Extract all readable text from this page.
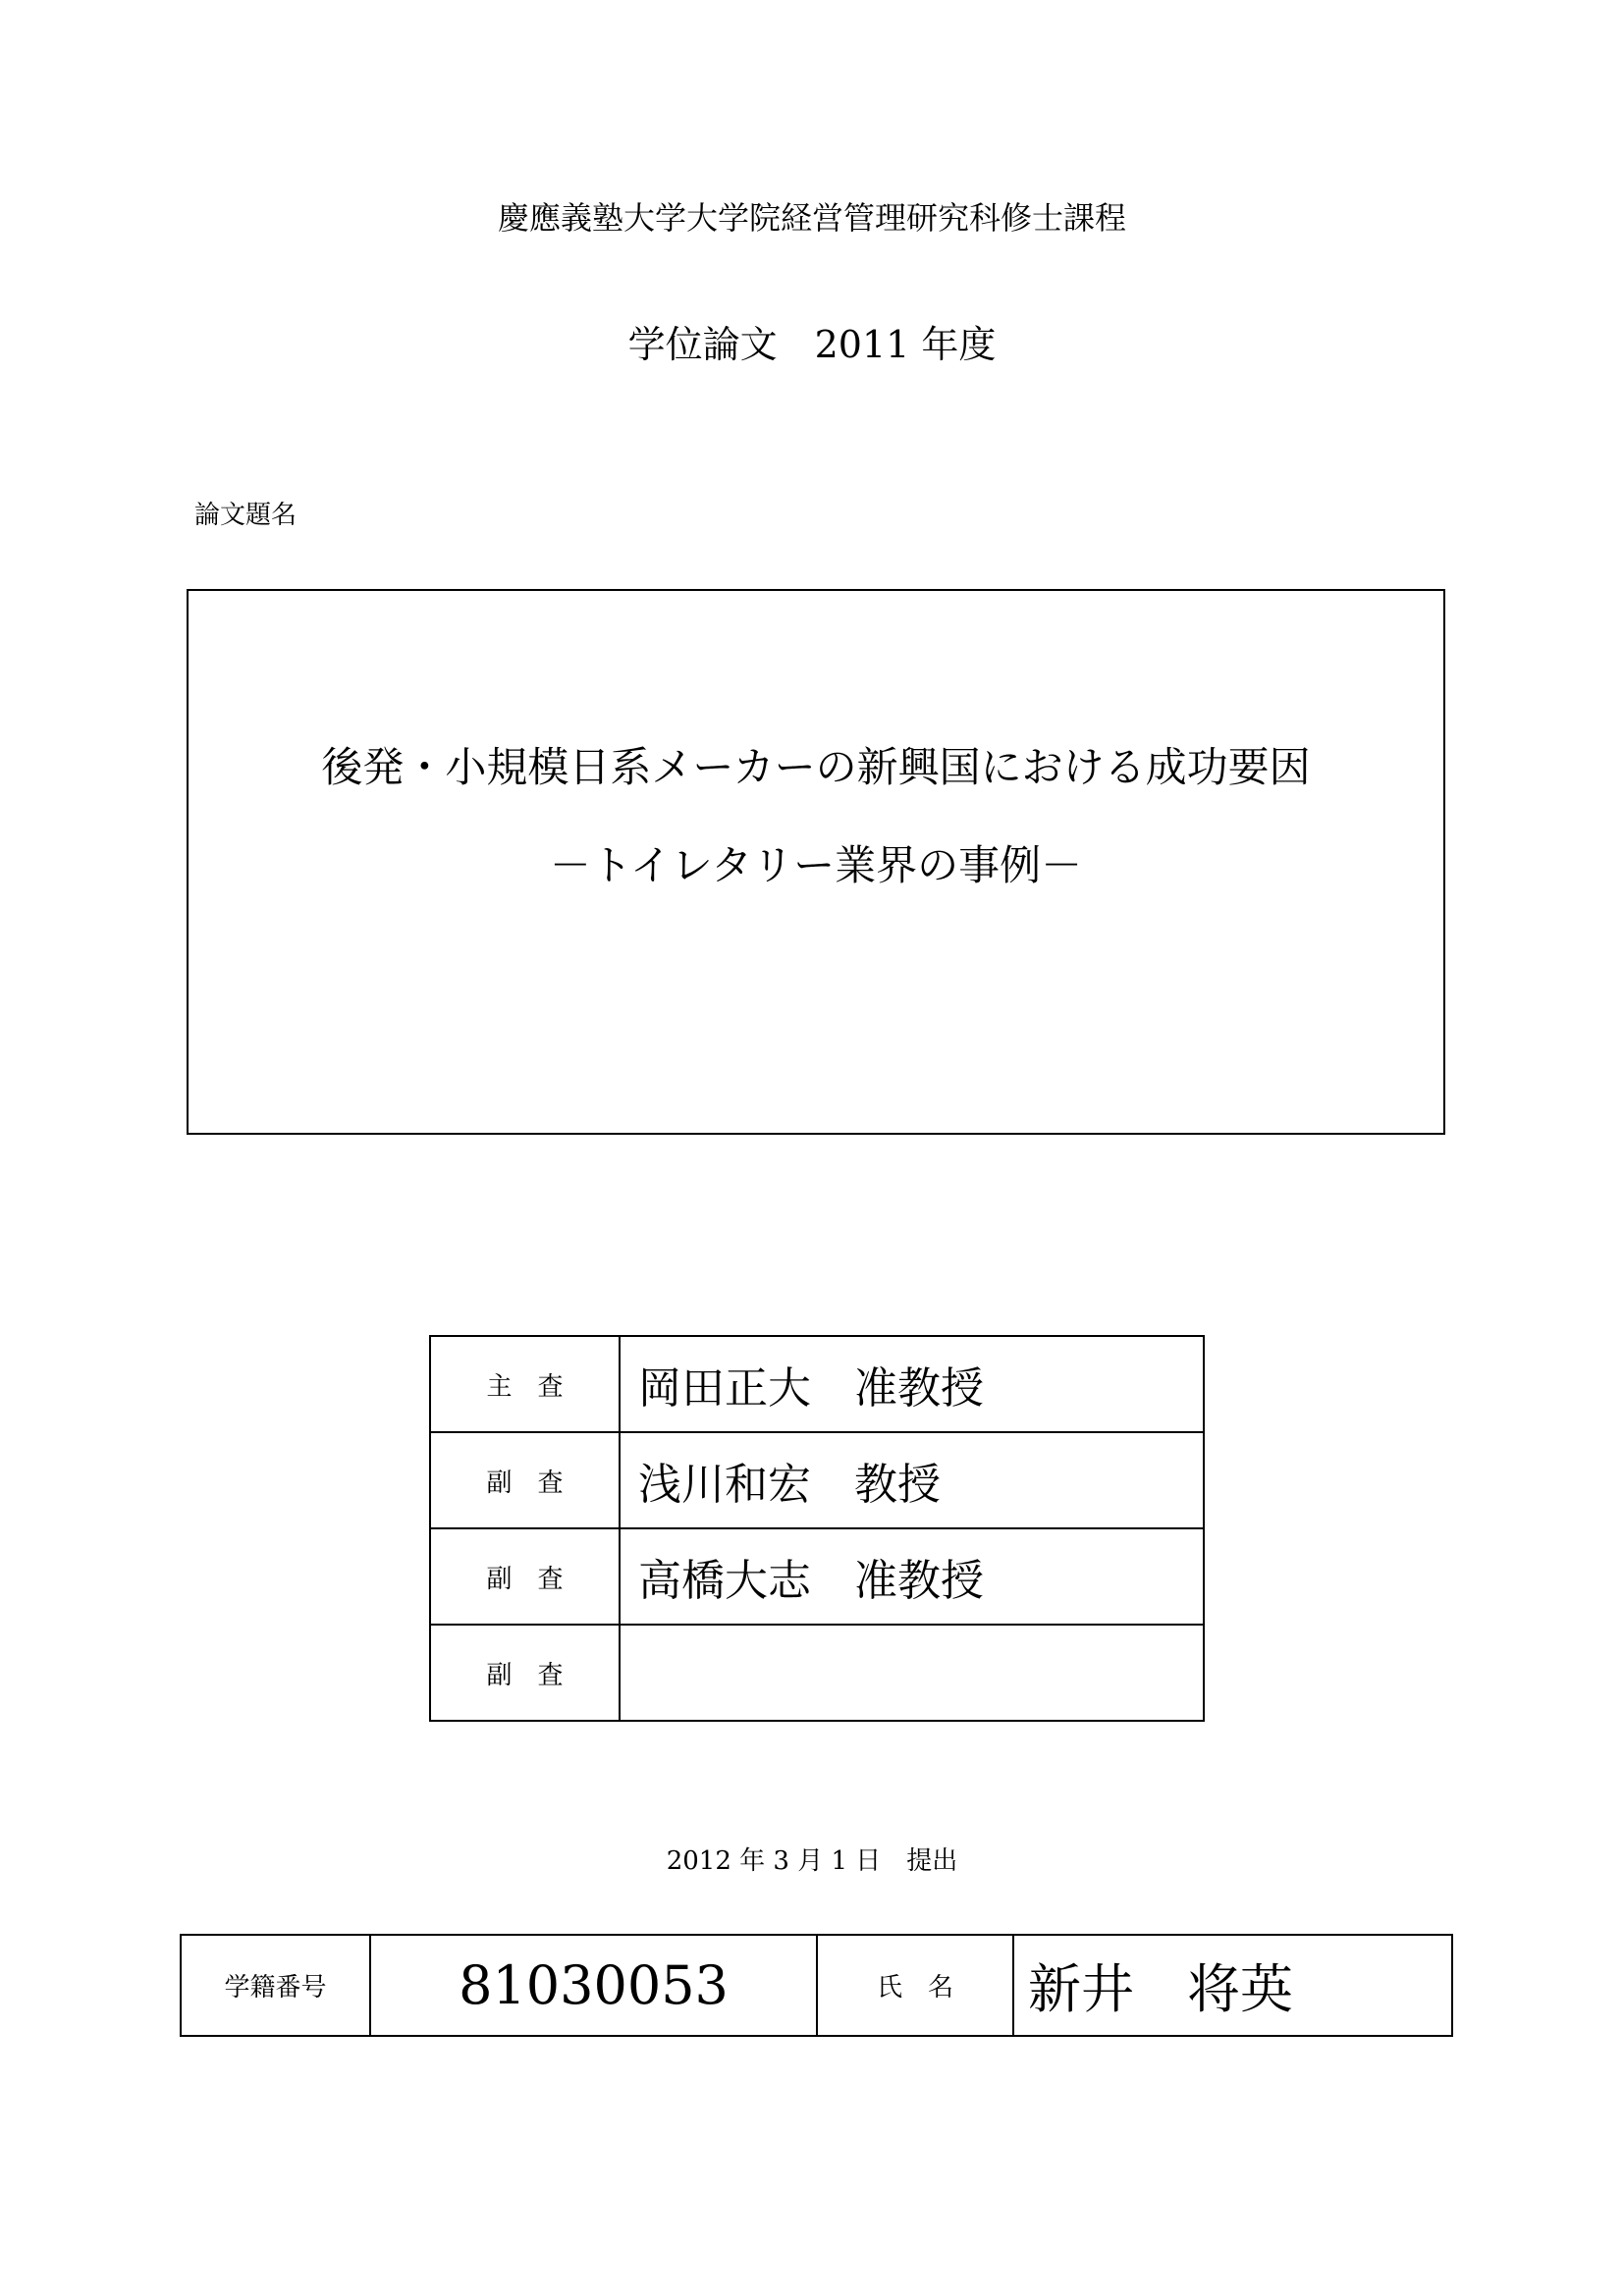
慶應義塾大学大学院経営管理研究科修士課程
学位論文　2011 年度
論文題名
後発・小規模日系メーカーの新興国における成功要因
－トイレタリー業界の事例－
主　査	岡田正大　准教授
副　査	浅川和宏　教授
副　査	高橋大志　准教授
副　査	
2012 年 3 月 1 日　提出
学籍番号	81030053	氏　名	新井　将英
